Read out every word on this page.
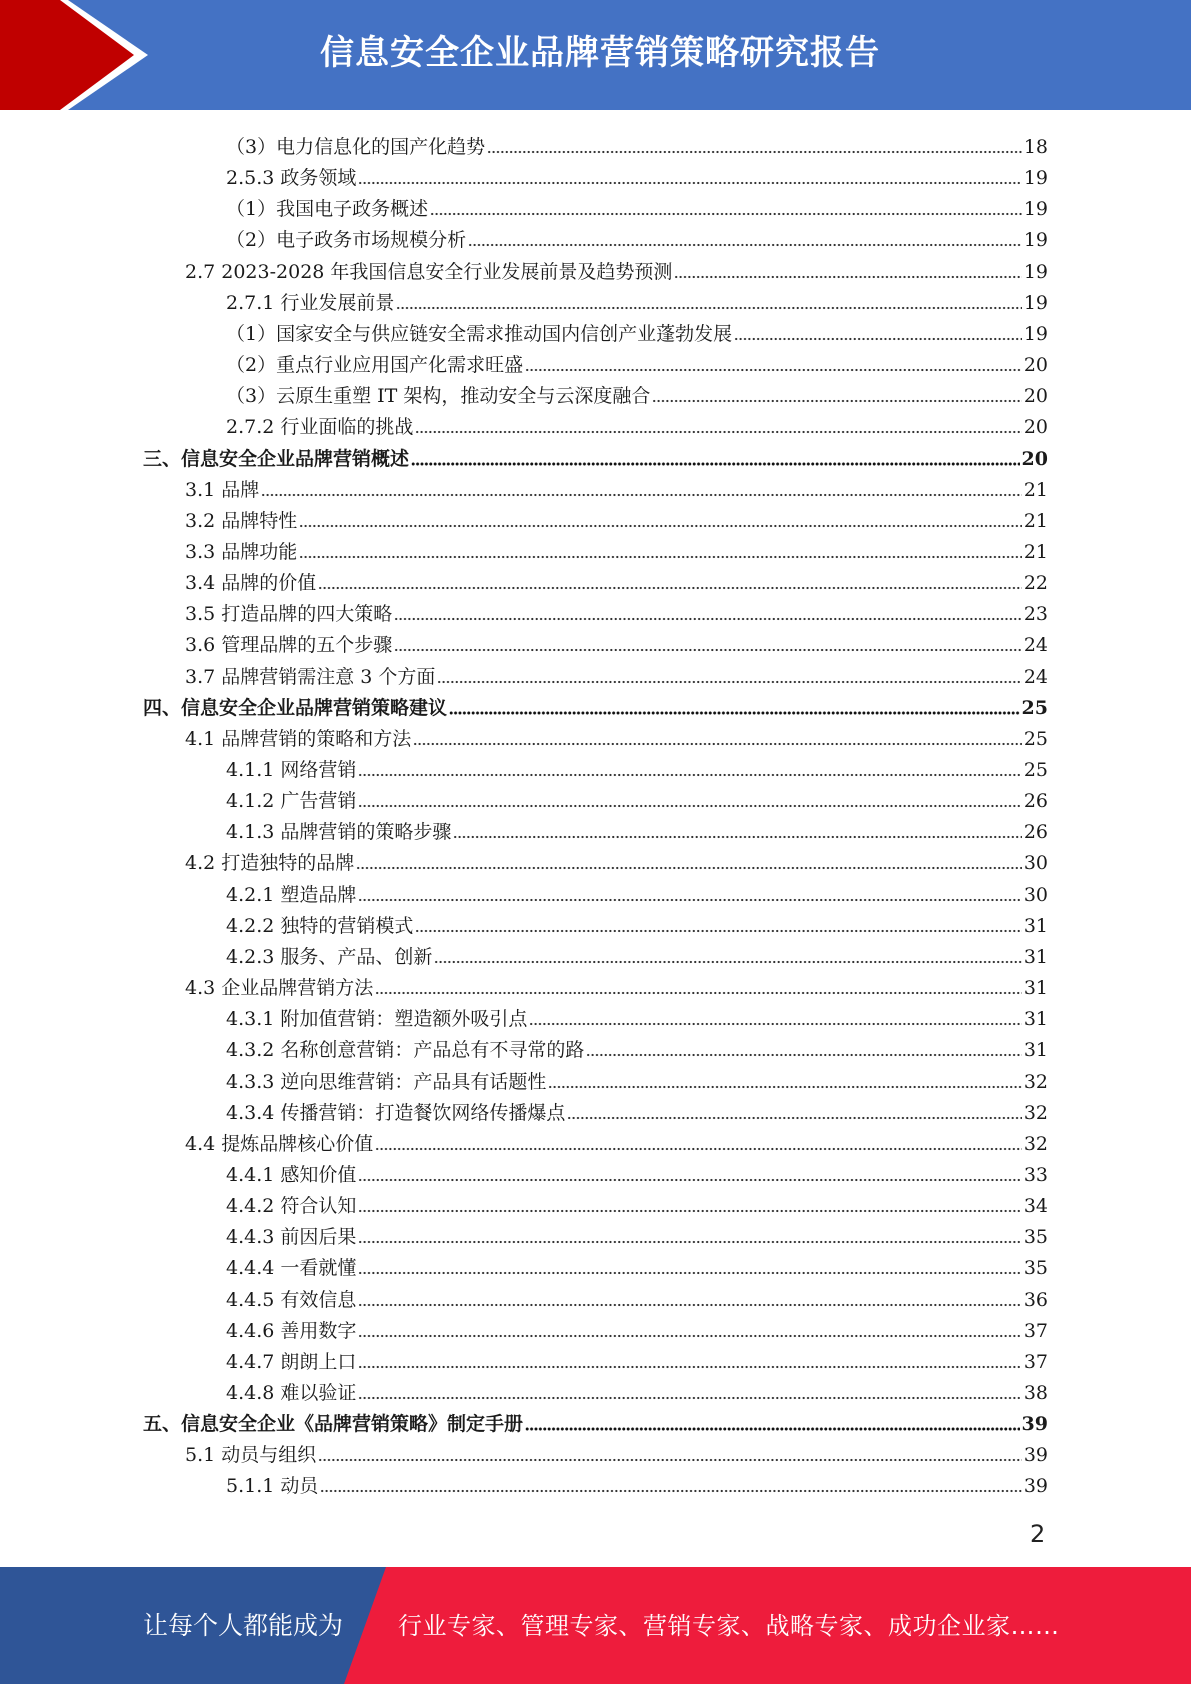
信息安全企业品牌营销策略研究报告
（3）电力信息化的国产化趋势	18
2.5.3 政务领域	19
（1）我国电子政务概述	19
（2）电子政务市场规模分析	19
2.7 2023-2028 年我国信息安全行业发展前景及趋势预测	19
2.7.1 行业发展前景	19
（1）国家安全与供应链安全需求推动国内信创产业蓬勃发展	19
（2）重点行业应用国产化需求旺盛	20
（3）云原生重塑 IT 架构，推动安全与云深度融合	20
2.7.2 行业面临的挑战	20
三、信息安全企业品牌营销概述	20
3.1 品牌	21
3.2 品牌特性	21
3.3 品牌功能	21
3.4 品牌的价值	22
3.5 打造品牌的四大策略	23
3.6 管理品牌的五个步骤	24
3.7 品牌营销需注意 3 个方面	24
四、信息安全企业品牌营销策略建议	25
4.1 品牌营销的策略和方法	25
4.1.1 网络营销	25
4.1.2 广告营销	26
4.1.3 品牌营销的策略步骤	26
4.2 打造独特的品牌	30
4.2.1 塑造品牌	30
4.2.2 独特的营销模式	31
4.2.3 服务、产品、创新	31
4.3 企业品牌营销方法	31
4.3.1 附加值营销：塑造额外吸引点	31
4.3.2 名称创意营销：产品总有不寻常的路	31
4.3.3 逆向思维营销：产品具有话题性	32
4.3.4 传播营销：打造餐饮网络传播爆点	32
4.4 提炼品牌核心价值	32
4.4.1 感知价值	33
4.4.2 符合认知	34
4.4.3 前因后果	35
4.4.4 一看就懂	35
4.4.5 有效信息	36
4.4.6 善用数字	37
4.4.7 朗朗上口	37
4.4.8 难以验证	38
五、信息安全企业《品牌营销策略》制定手册	39
5.1 动员与组织	39
5.1.1 动员	39
2
让每个人都能成为 行业专家、管理专家、营销专家、战略专家、成功企业家……
